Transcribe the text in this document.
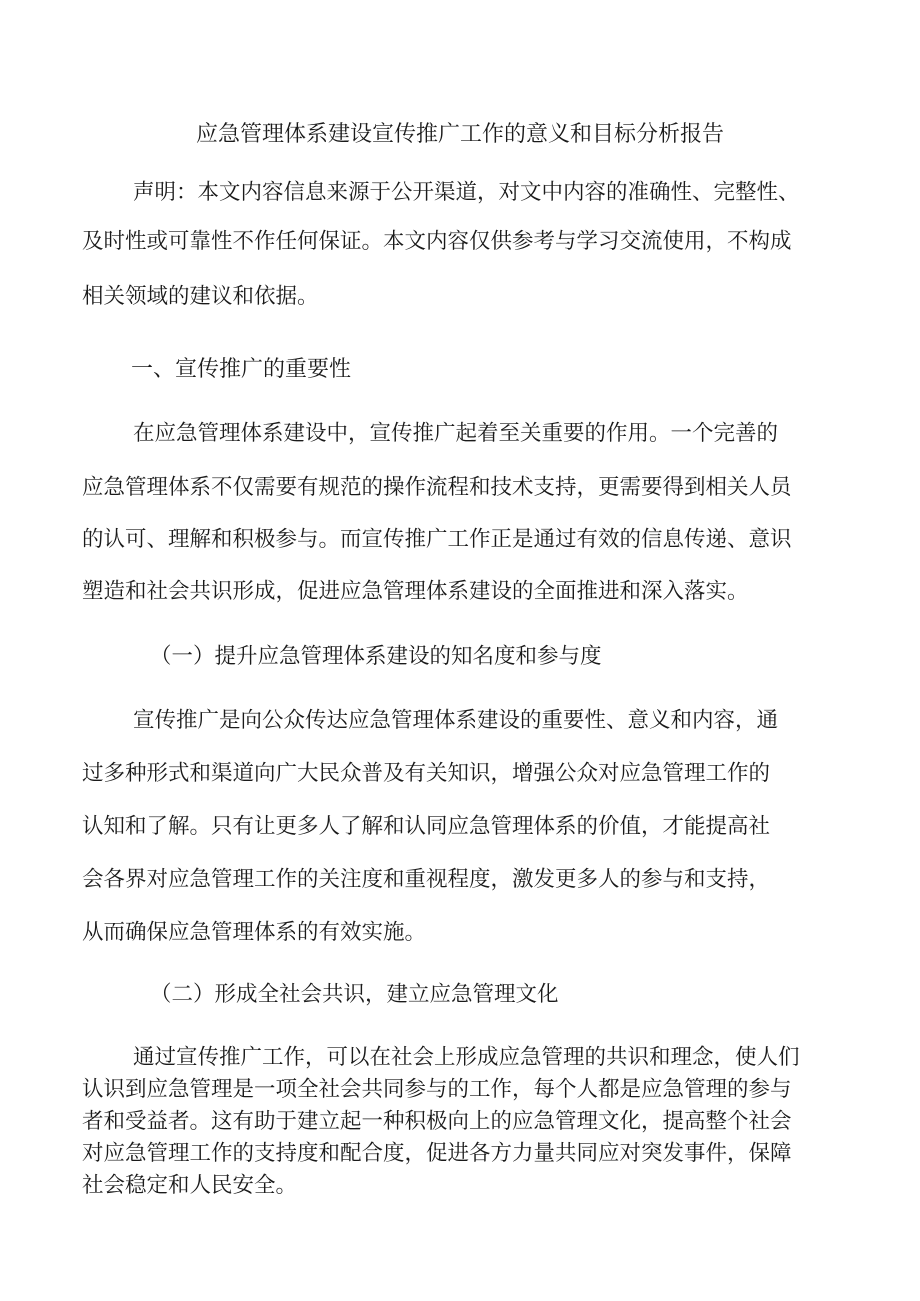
应急管理体系建设宣传推广工作的意义和目标分析报告
声明：本文内容信息来源于公开渠道，对文中内容的准确性、完整性、
及时性或可靠性不作任何保证。本文内容仅供参考与学习交流使用，不构成
相关领域的建议和依据。
一、宣传推广的重要性
在应急管理体系建设中，宣传推广起着至关重要的作用。一个完善的
应急管理体系不仅需要有规范的操作流程和技术支持，更需要得到相关人员
的认可、理解和积极参与。而宣传推广工作正是通过有效的信息传递、意识
塑造和社会共识形成，促进应急管理体系建设的全面推进和深入落实。
（一）提升应急管理体系建设的知名度和参与度
宣传推广是向公众传达应急管理体系建设的重要性、意义和内容，通
过多种形式和渠道向广大民众普及有关知识，增强公众对应急管理工作的
认知和了解。只有让更多人了解和认同应急管理体系的价值，才能提高社
会各界对应急管理工作的关注度和重视程度，激发更多人的参与和支持，
从而确保应急管理体系的有效实施。
（二）形成全社会共识，建立应急管理文化
通过宣传推广工作，可以在社会上形成应急管理的共识和理念，使人们
认识到应急管理是一项全社会共同参与的工作，每个人都是应急管理的参与
者和受益者。这有助于建立起一种积极向上的应急管理文化，提高整个社会
对应急管理工作的支持度和配合度，促进各方力量共同应对突发事件，保障
社会稳定和人民安全。
